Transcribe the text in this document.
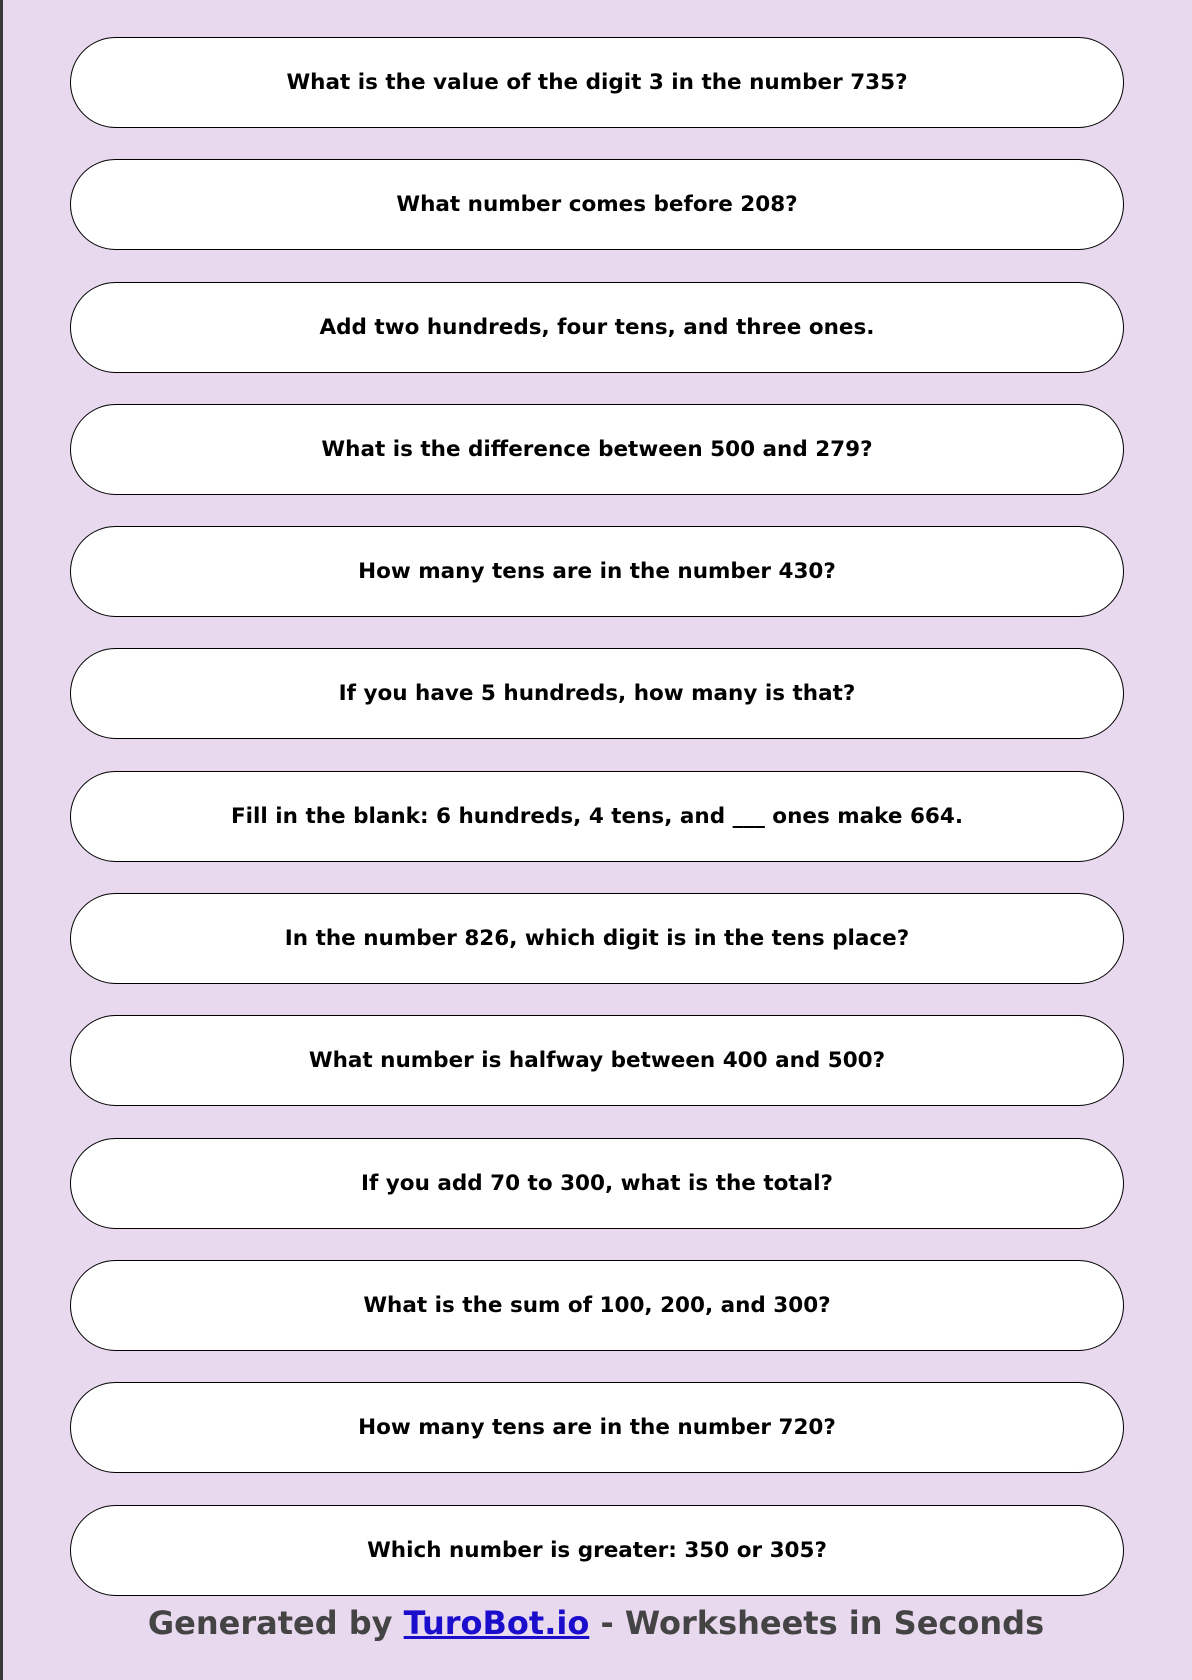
What is the value of the digit 3 in the number 735?
What number comes before 208?
Add two hundreds, four tens, and three ones.
What is the difference between 500 and 279?
How many tens are in the number 430?
If you have 5 hundreds, how many is that?
Fill in the blank: 6 hundreds, 4 tens, and ___ ones make 664.
In the number 826, which digit is in the tens place?
What number is halfway between 400 and 500?
If you add 70 to 300, what is the total?
What is the sum of 100, 200, and 300?
How many tens are in the number 720?
Which number is greater: 350 or 305?
Generated by TuroBot.io - Worksheets in Seconds
